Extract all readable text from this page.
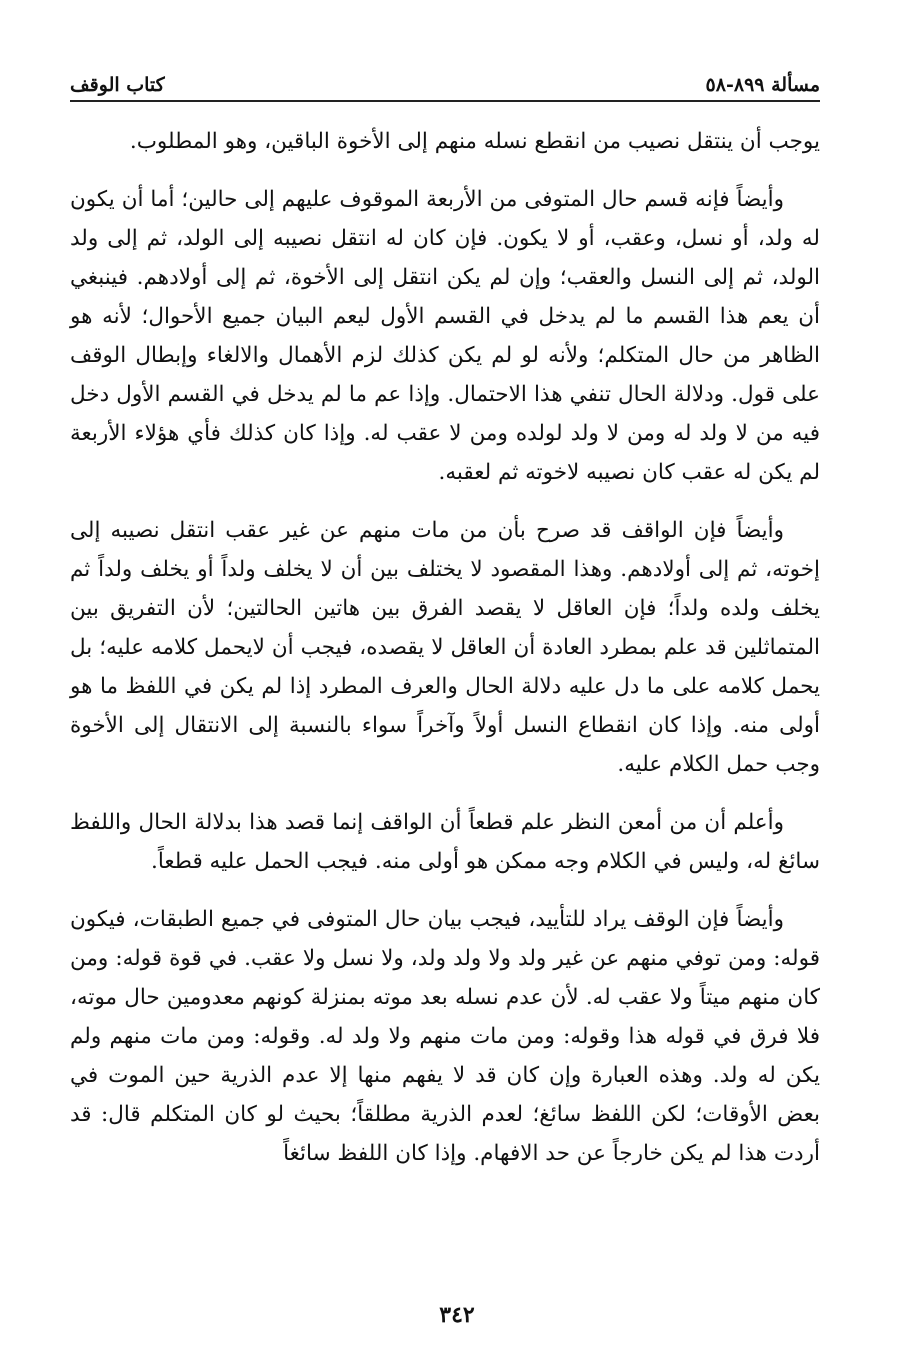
مسألة ٨٩٩-٥٨
كتاب الوقف

يوجب أن ينتقل نصيب من انقطع نسله منهم إلى الأخوة الباقين، وهو المطلوب.

وأيضاً فإنه قسم حال المتوفى من الأربعة الموقوف عليهم إلى حالين؛ أما أن يكون له ولد، أو نسل، وعقب، أو لا يكون. فإن كان له انتقل نصيبه إلى الولد، ثم إلى ولد الولد، ثم إلى النسل والعقب؛ وإن لم يكن انتقل إلى الأخوة، ثم إلى أولادهم. فينبغي أن يعم هذا القسم ما لم يدخل في القسم الأول ليعم البيان جميع الأحوال؛ لأنه هو الظاهر من حال المتكلم؛ ولأنه لو لم يكن كذلك لزم الأهمال والالغاء وإبطال الوقف على قول. ودلالة الحال تنفي هذا الاحتمال. وإذا عم ما لم يدخل في القسم الأول دخل فيه من لا ولد له ومن لا ولد لولده ومن لا عقب له. وإذا كان كذلك فأي هؤلاء الأربعة لم يكن له عقب كان نصيبه لاخوته ثم لعقبه.

وأيضاً فإن الواقف قد صرح بأن من مات منهم عن غير عقب انتقل نصيبه إلى إخوته، ثم إلى أولادهم. وهذا المقصود لا يختلف بين أن لا يخلف ولداً أو يخلف ولداً ثم يخلف ولده ولداً؛ فإن العاقل لا يقصد الفرق بين هاتين الحالتين؛ لأن التفريق بين المتماثلين قد علم بمطرد العادة أن العاقل لا يقصده، فيجب أن لايحمل كلامه عليه؛ بل يحمل كلامه على ما دل عليه دلالة الحال والعرف المطرد إذا لم يكن في اللفظ ما هو أولى منه. وإذا كان انقطاع النسل أولاً وآخراً سواء بالنسبة إلى الانتقال إلى الأخوة وجب حمل الكلام عليه.

وأعلم أن من أمعن النظر علم قطعاً أن الواقف إنما قصد هذا بدلالة الحال واللفظ سائغ له، وليس في الكلام وجه ممكن هو أولى منه. فيجب الحمل عليه قطعاً.

وأيضاً فإن الوقف يراد للتأييد، فيجب بيان حال المتوفى في جميع الطبقات، فيكون قوله: ومن توفي منهم عن غير ولد ولا ولد ولد، ولا نسل ولا عقب. في قوة قوله: ومن كان منهم ميتاً ولا عقب له. لأن عدم نسله بعد موته بمنزلة كونهم معدومين حال موته، فلا فرق في قوله هذا وقوله: ومن مات منهم ولا ولد له. وقوله: ومن مات منهم ولم يكن له ولد. وهذه العبارة وإن كان قد لا يفهم منها إلا عدم الذرية حين الموت في بعض الأوقات؛ لكن اللفظ سائغ؛ لعدم الذرية مطلقاً؛ بحيث لو كان المتكلم قال: قد أردت هذا لم يكن خارجاً عن حد الافهام. وإذا كان اللفظ سائغاً

٣٤٢
